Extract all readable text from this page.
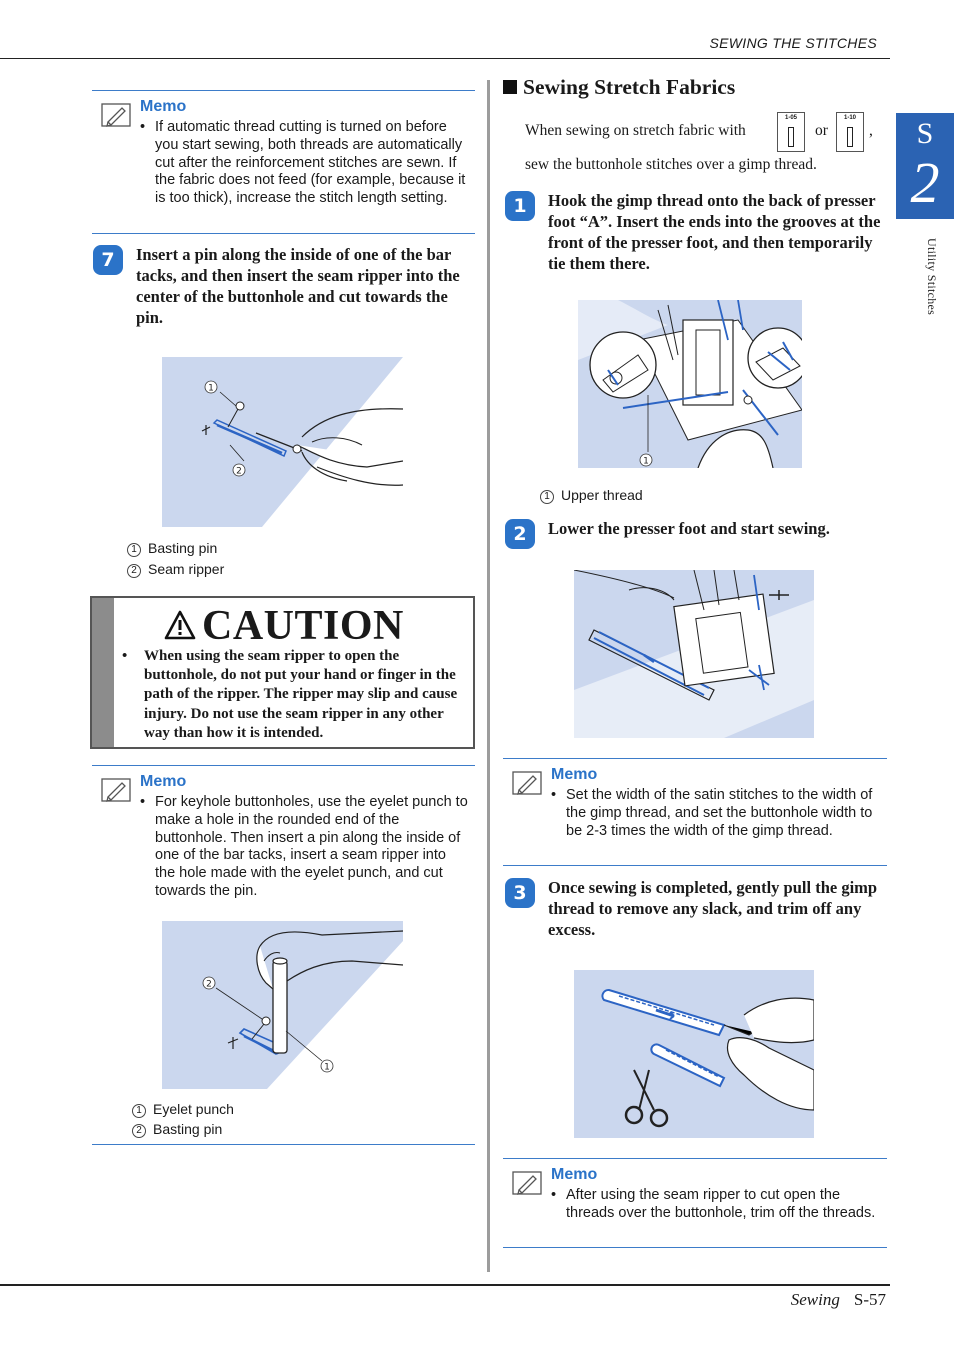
SEWING THE STITCHES
S
2
Utility Stitches
Memo
• If automatic thread cutting is turned on before you start sewing, both threads are automatically cut after the reinforcement stitches are sewn. If the fabric does not feed (for example, because it is too thick), increase the stitch length setting.
7	Insert a pin along the inside of one of the bar tacks, and then insert the seam ripper into the center of the buttonhole and cut towards the pin.
1
2
1 Basting pin
2 Seam ripper
CAUTION
•	When using the seam ripper to open the buttonhole, do not put your hand or finger in the path of the ripper. The ripper may slip and cause injury. Do not use the seam ripper in any other way than how it is intended.
Memo
• For keyhole buttonholes, use the eyelet punch to make a hole in the rounded end of the buttonhole. Then insert a pin along the inside of one of the bar tacks, insert a seam ripper into the hole made with the eyelet punch, and cut towards the pin.
2
1
1 Eyelet punch
2 Basting pin
Sewing Stretch Fabrics
When sewing on stretch fabric with
1-05
or
1-10
,
sew the buttonhole stitches over a gimp thread.
1	Hook the gimp thread onto the back of presser foot “A”. Insert the ends into the grooves at the front of the presser foot, and then temporarily tie them there.
1
1 Upper thread
2	Lower the presser foot and start sewing.
Memo
• Set the width of the satin stitches to the width of the gimp thread, and set the buttonhole width to be 2-3 times the width of the gimp thread.
3	Once sewing is completed, gently pull the gimp thread to remove any slack, and trim off any excess.
Memo
• After using the seam ripper to cut open the threads over the buttonhole, trim off the threads.
Sewing S-57
